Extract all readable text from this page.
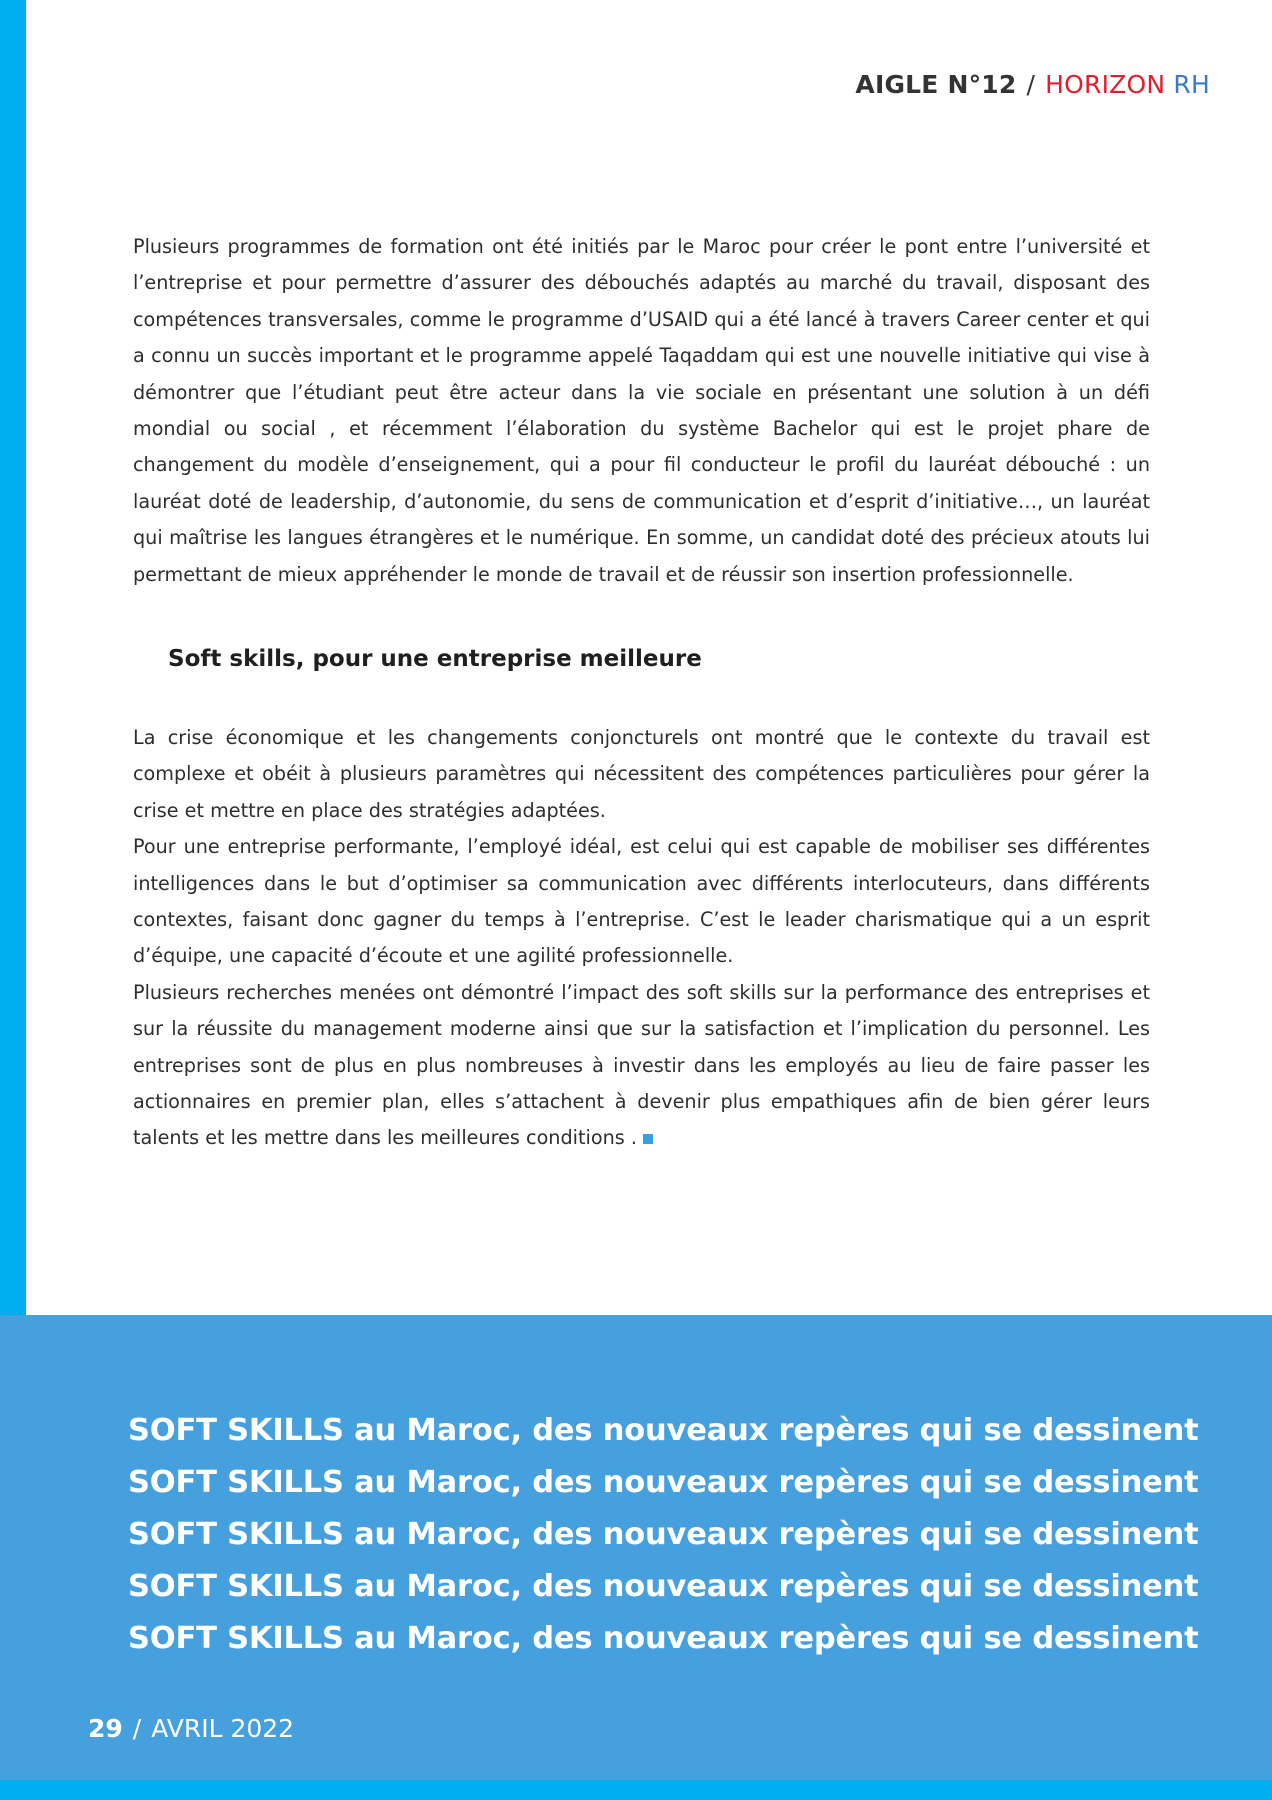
AIGLE N°12 / HORIZON RH

Plusieurs programmes de formation ont été initiés par le Maroc pour créer le pont entre l’université et l’entreprise et pour permettre d’assurer des débouchés adaptés au marché du travail, disposant des compétences transversales, comme le programme d’USAID qui a été lancé à travers Career center et qui a connu un succès important et le programme appelé Taqaddam qui est une nouvelle initiative qui vise à démontrer que l’étudiant peut être acteur dans la vie sociale en présentant une solution à un défi mondial ou social , et récemment l’élaboration du système Bachelor qui est le projet phare de changement du modèle d’enseignement, qui a pour fil conducteur le profil du lauréat débouché : un lauréat doté de leadership, d’autonomie, du sens de communication et d’esprit d’initiative…, un lauréat qui maîtrise les langues étrangères et le numérique. En somme, un candidat doté des précieux atouts lui permettant de mieux appréhender le monde de travail et de réussir son insertion professionnelle.

Soft skills, pour une entreprise meilleure

La crise économique et les changements conjoncturels ont montré que le contexte du travail est complexe et obéit à plusieurs paramètres qui nécessitent des compétences particulières pour gérer la crise et mettre en place des stratégies adaptées.

Pour une entreprise performante, l’employé idéal, est celui qui est capable de mobiliser ses différentes intelligences dans le but d’optimiser sa communication avec différents interlocuteurs, dans différents contextes, faisant donc gagner du temps à l’entreprise. C’est le leader charismatique qui a un esprit d’équipe, une capacité d’écoute et une agilité professionnelle.

Plusieurs recherches menées ont démontré l’impact des soft skills sur la performance des entreprises et sur la réussite du management moderne ainsi que sur la satisfaction et l’implication du personnel. Les entreprises sont de plus en plus nombreuses à investir dans les employés au lieu de faire passer les actionnaires en premier plan, elles s’attachent à devenir plus empathiques afin de bien gérer leurs talents et les mettre dans les meilleures conditions .

SOFT SKILLS au Maroc, des nouveaux repères qui se dessinent
SOFT SKILLS au Maroc, des nouveaux repères qui se dessinent
SOFT SKILLS au Maroc, des nouveaux repères qui se dessinent
SOFT SKILLS au Maroc, des nouveaux repères qui se dessinent
SOFT SKILLS au Maroc, des nouveaux repères qui se dessinent
29 / AVRIL 2022
